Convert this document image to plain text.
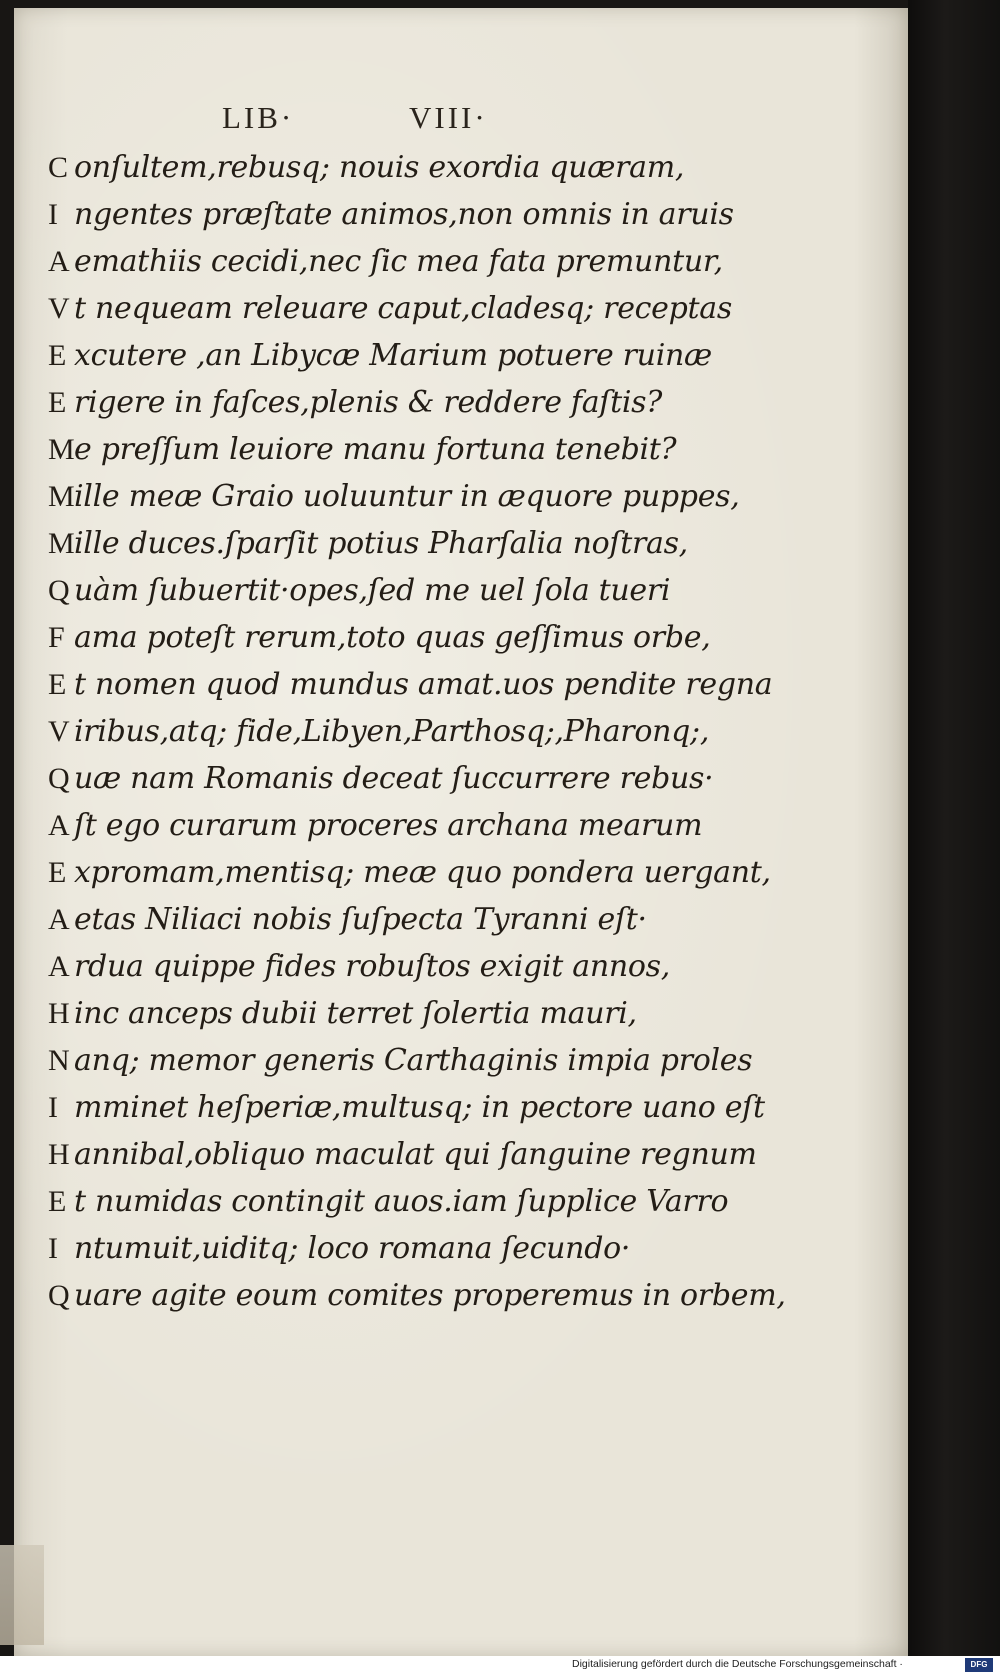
LIB·	VIII·
C onſultem,rebusq; nouis exordia quæram,
I ngentes præſtate animos,non omnis in aruis
A emathiis cecidi,nec ſic mea fata premuntur,
V t nequeam releuare caput,cladesq; receptas
E xcutere ,an Libycæ Marium potuere ruinæ
E rigere in faſces,plenis & reddere faſtis?
Me preſſum leuiore manu fortuna tenebit?
Mille meæ Graio uoluuntur in æquore puppes,
Mille duces.ſparſit potius Pharſalia noſtras,
Q uàm ſubuertit·opes,ſed me uel ſola tueri
F ama poteſt rerum,toto quas geſſimus orbe,
E t nomen quod mundus amat.uos pendite regna
V iribus,atq; fide,Libyen,Parthosq;,Pharonq;,
Q uæ nam Romanis deceat ſuccurrere rebus·
A ſt ego curarum proceres archana mearum
E xpromam,mentisq; meæ quo pondera uergant,
A etas Niliaci nobis ſuſpecta Tyranni eſt·
A rdua quippe fides robuſtos exigit annos,
H inc anceps dubii terret ſolertia mauri,
N anq; memor generis Carthaginis impia proles
I mminet heſperiæ,multusq; in pectore uano eſt
H annibal,obliquo maculat qui ſanguine regnum
E t numidas contingit auos.iam ſupplice Varro
I ntumuit,uiditq; loco romana ſecundo·
Q uare agite eoum comites properemus in orbem,
Digitalisierung gefördert durch die Deutsche Forschungsgemeinschaft ·	DFG
